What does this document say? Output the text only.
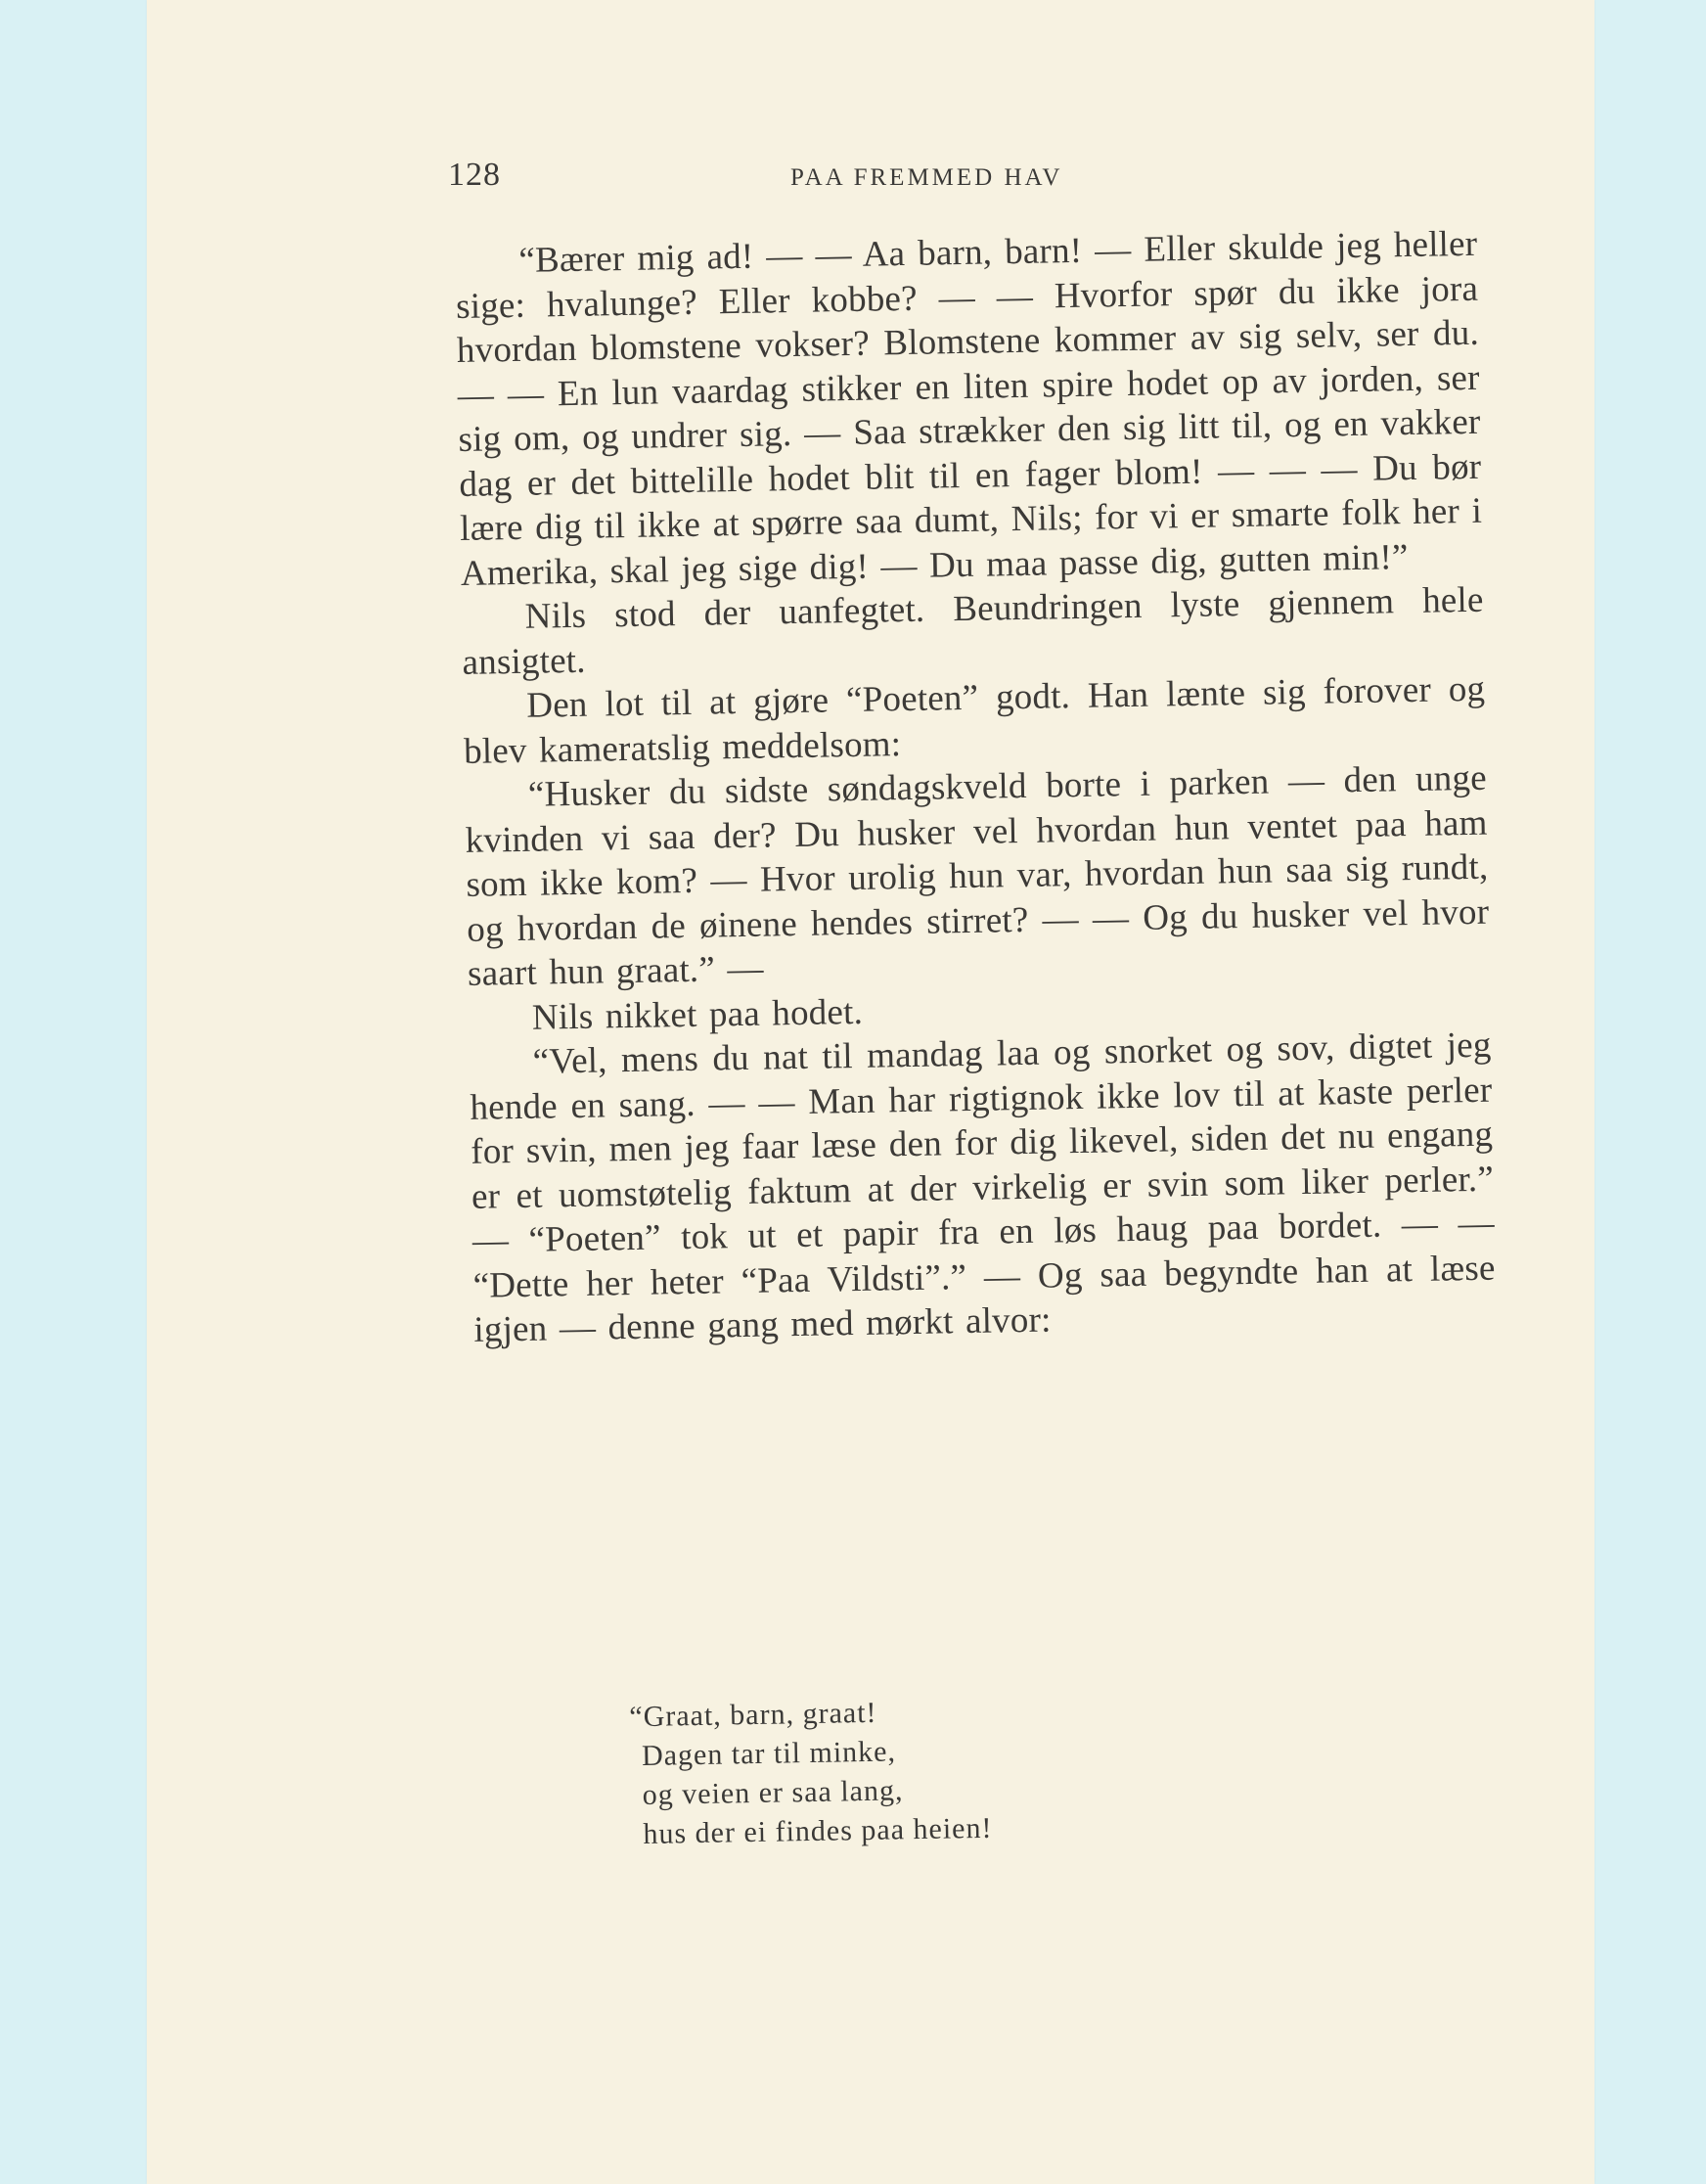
128	PAA FREMMED HAV

“Bærer mig ad! — — Aa barn, barn! — Eller skulde jeg heller sige: hvalunge? Eller kobbe? — — Hvorfor spør du ikke jora hvordan blomstene vokser? Blomstene kommer av sig selv, ser du. — — En lun vaardag stikker en liten spire hodet op av jorden, ser sig om, og undrer sig. — Saa strækker den sig litt til, og en vakker dag er det bittelille hodet blit til en fager blom! — — — Du bør lære dig til ikke at spørre saa dumt, Nils; for vi er smarte folk her i Amerika, skal jeg sige dig! — Du maa passe dig, gutten min!”

Nils stod der uanfegtet. Beundringen lyste gjennem hele ansigtet.

Den lot til at gjøre “Poeten” godt. Han lænte sig forover og blev kameratslig meddelsom:

“Husker du sidste søndagskveld borte i parken — den unge kvinden vi saa der? Du husker vel hvordan hun ventet paa ham som ikke kom? — Hvor urolig hun var, hvordan hun saa sig rundt, og hvordan de øinene hendes stirret? — — Og du husker vel hvor saart hun graat.” —

Nils nikket paa hodet.

“Vel, mens du nat til mandag laa og snorket og sov, digtet jeg hende en sang. — — Man har rigtignok ikke lov til at kaste perler for svin, men jeg faar læse den for dig likevel, siden det nu engang er et uomstøtelig faktum at der virkelig er svin som liker perler.” — “Poeten” tok ut et papir fra en løs haug paa bordet. — — “Dette her heter “Paa Vildsti”.” — Og saa begyndte han at læse igjen — denne gang med mørkt alvor:

“Graat, barn, graat!
Dagen tar til minke,
og veien er saa lang,
hus der ei findes paa heien!
